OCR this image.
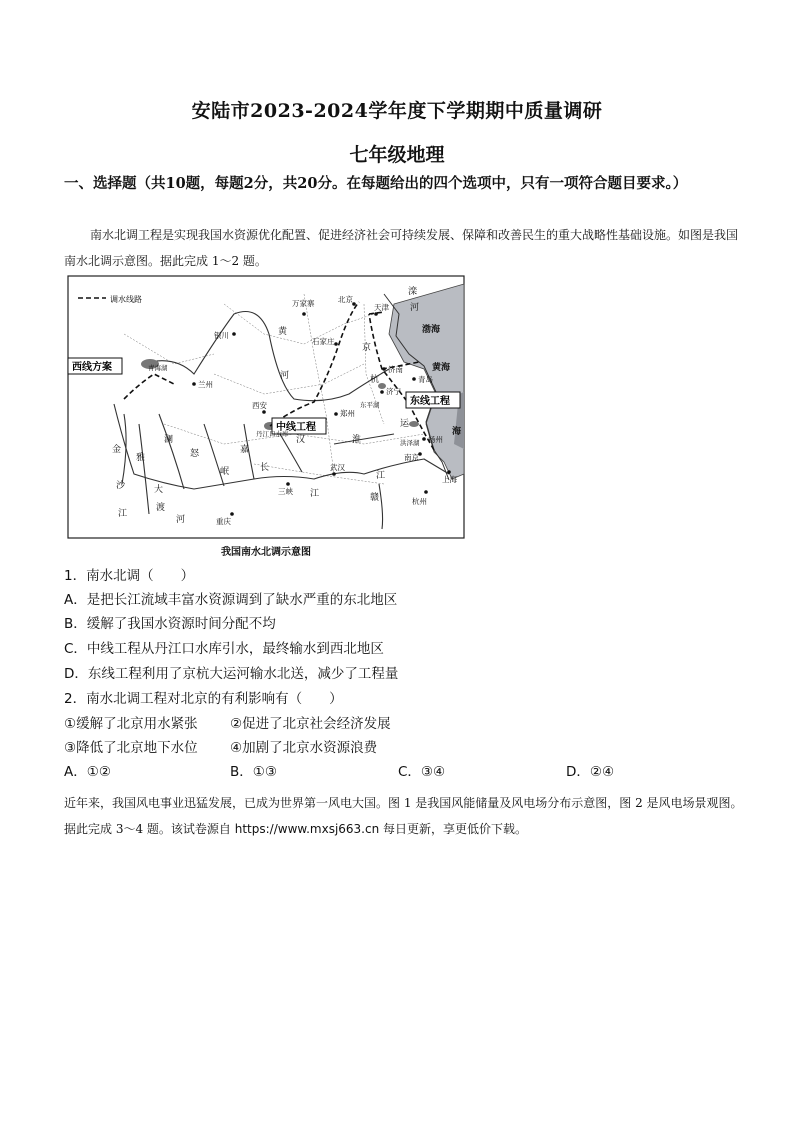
安陆市2023-2024学年度下学期期中质量调研
七年级地理
一、选择题（共10题，每题2分，共20分。在每题给出的四个选项中，只有一项符合题目要求。）
南水北调工程是实现我国水资源优化配置、促进经济社会可持续发展、保障和改善民生的重大战略性基础设施。如图是我国南水北调示意图。据此完成 1～2 题。
调水线路
西线方案
中线工程
东线工程
北京
天津
万家寨
石家庄
银川
兰州
西安
郑州
济南
青岛
济宁
东平湖
洪泽湖 扬州
南京
上海
杭州
武汉
三峡
重庆
丹江口水库
青海湖
渤海
黄海
海
黄
河
长
江
汉	淮
京
杭
运
滦
河
金
沙
江
雅
澜
怒
大
渡
河
岷
嘉
赣
江
我国南水北调示意图
1．南水北调（　　）
A．是把长江流域丰富水资源调到了缺水严重的东北地区
B．缓解了我国水资源时间分配不均
C．中线工程从丹江口水库引水，最终输水到西北地区
D．东线工程利用了京杭大运河输水北送，减少了工程量
2．南水北调工程对北京的有利影响有（　　）
①缓解了北京用水紧张 ②促进了北京社会经济发展
③降低了北京地下水位 ④加剧了北京水资源浪费
A．①②	B．①③	C．③④	D．②④
近年来，我国风电事业迅猛发展，已成为世界第一风电大国。图 1 是我国风能储量及风电场分布示意图，图 2 是风电场景观图。据此完成 3～4 题。该试卷源自 https://www.mxsj663.cn 每日更新，享更低价下载。
